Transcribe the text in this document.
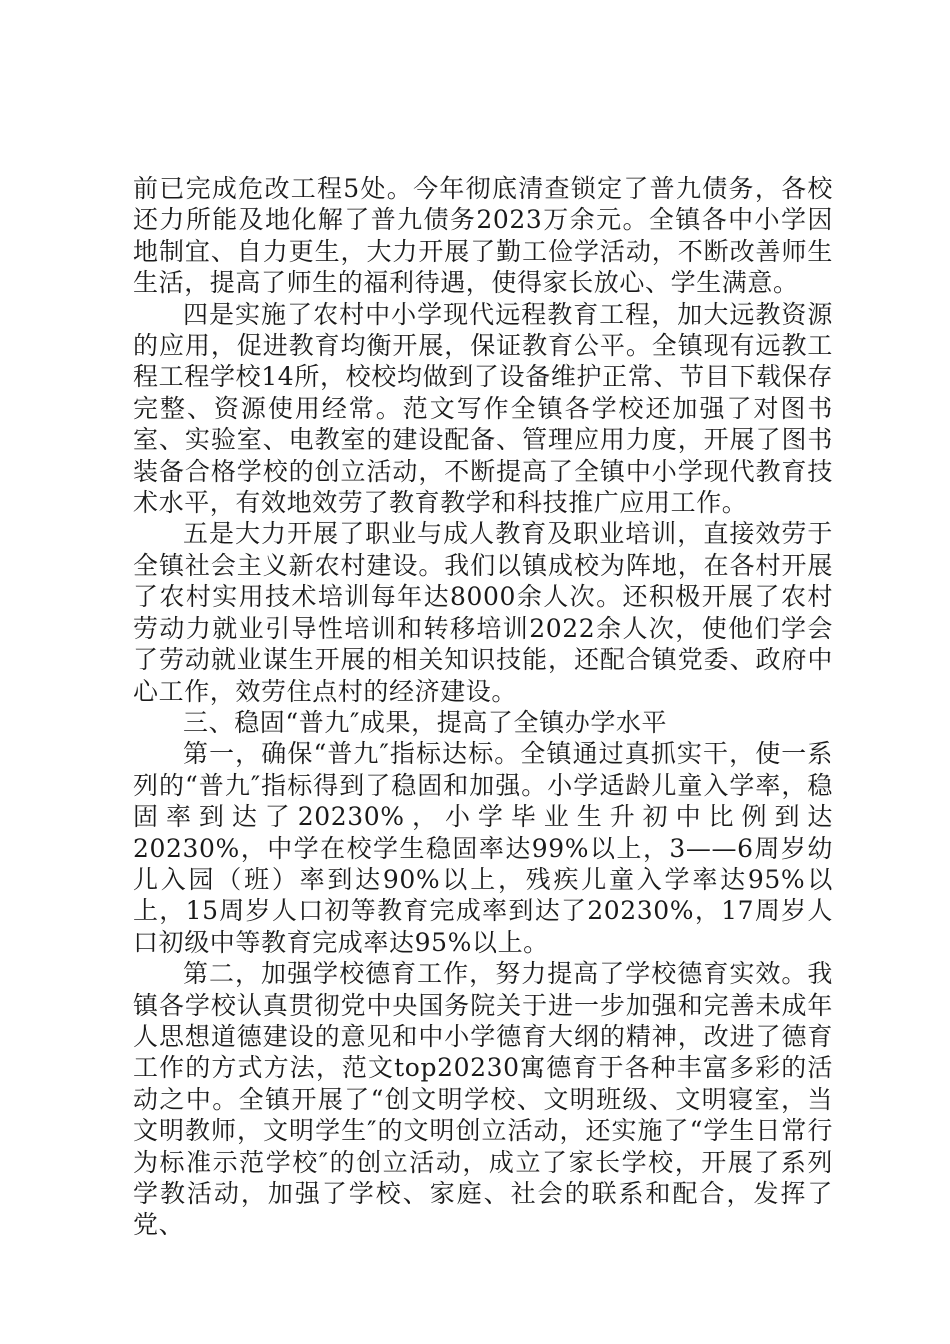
前已完成危改工程5处。今年彻底清查锁定了普九债务，各校还力所能及地化解了普九债务2023万余元。全镇各中小学因地制宜、自力更生，大力开展了勤工俭学活动，不断改善师生生活，提高了师生的福利待遇，使得家长放心、学生满意。

四是实施了农村中小学现代远程教育工程，加大远教资源的应用，促进教育均衡开展，保证教育公平。全镇现有远教工程工程学校14所，校校均做到了设备维护正常、节目下载保存完整、资源使用经常。范文写作全镇各学校还加强了对图书室、实验室、电教室的建设配备、管理应用力度，开展了图书装备合格学校的创立活动，不断提高了全镇中小学现代教育技术水平，有效地效劳了教育教学和科技推广应用工作。

五是大力开展了职业与成人教育及职业培训，直接效劳于全镇社会主义新农村建设。我们以镇成校为阵地，在各村开展了农村实用技术培训每年达8000余人次。还积极开展了农村劳动力就业引导性培训和转移培训2022余人次，使他们学会了劳动就业谋生开展的相关知识技能，还配合镇党委、政府中心工作，效劳住点村的经济建设。

三、稳固“普九″成果，提高了全镇办学水平

第一，确保“普九″指标达标。全镇通过真抓实干，使一系列的“普九″指标得到了稳固和加强。小学适龄儿童入学率，稳固率到达了20230%，小学毕业生升初中比例到达20230%，中学在校学生稳固率达99%以上，3——6周岁幼儿入园（班）率到达90%以上，残疾儿童入学率达95%以上，15周岁人口初等教育完成率到达了20230%，17周岁人口初级中等教育完成率达95%以上。

第二，加强学校德育工作，努力提高了学校德育实效。我镇各学校认真贯彻党中央国务院关于进一步加强和完善未成年人思想道德建设的意见和中小学德育大纲的精神，改进了德育工作的方式方法，范文top20230寓德育于各种丰富多彩的活动之中。全镇开展了“创文明学校、文明班级、文明寝室，当文明教师，文明学生″的文明创立活动，还实施了“学生日常行为标准示范学校″的创立活动，成立了家长学校，开展了系列学教活动，加强了学校、家庭、社会的联系和配合，发挥了党、
